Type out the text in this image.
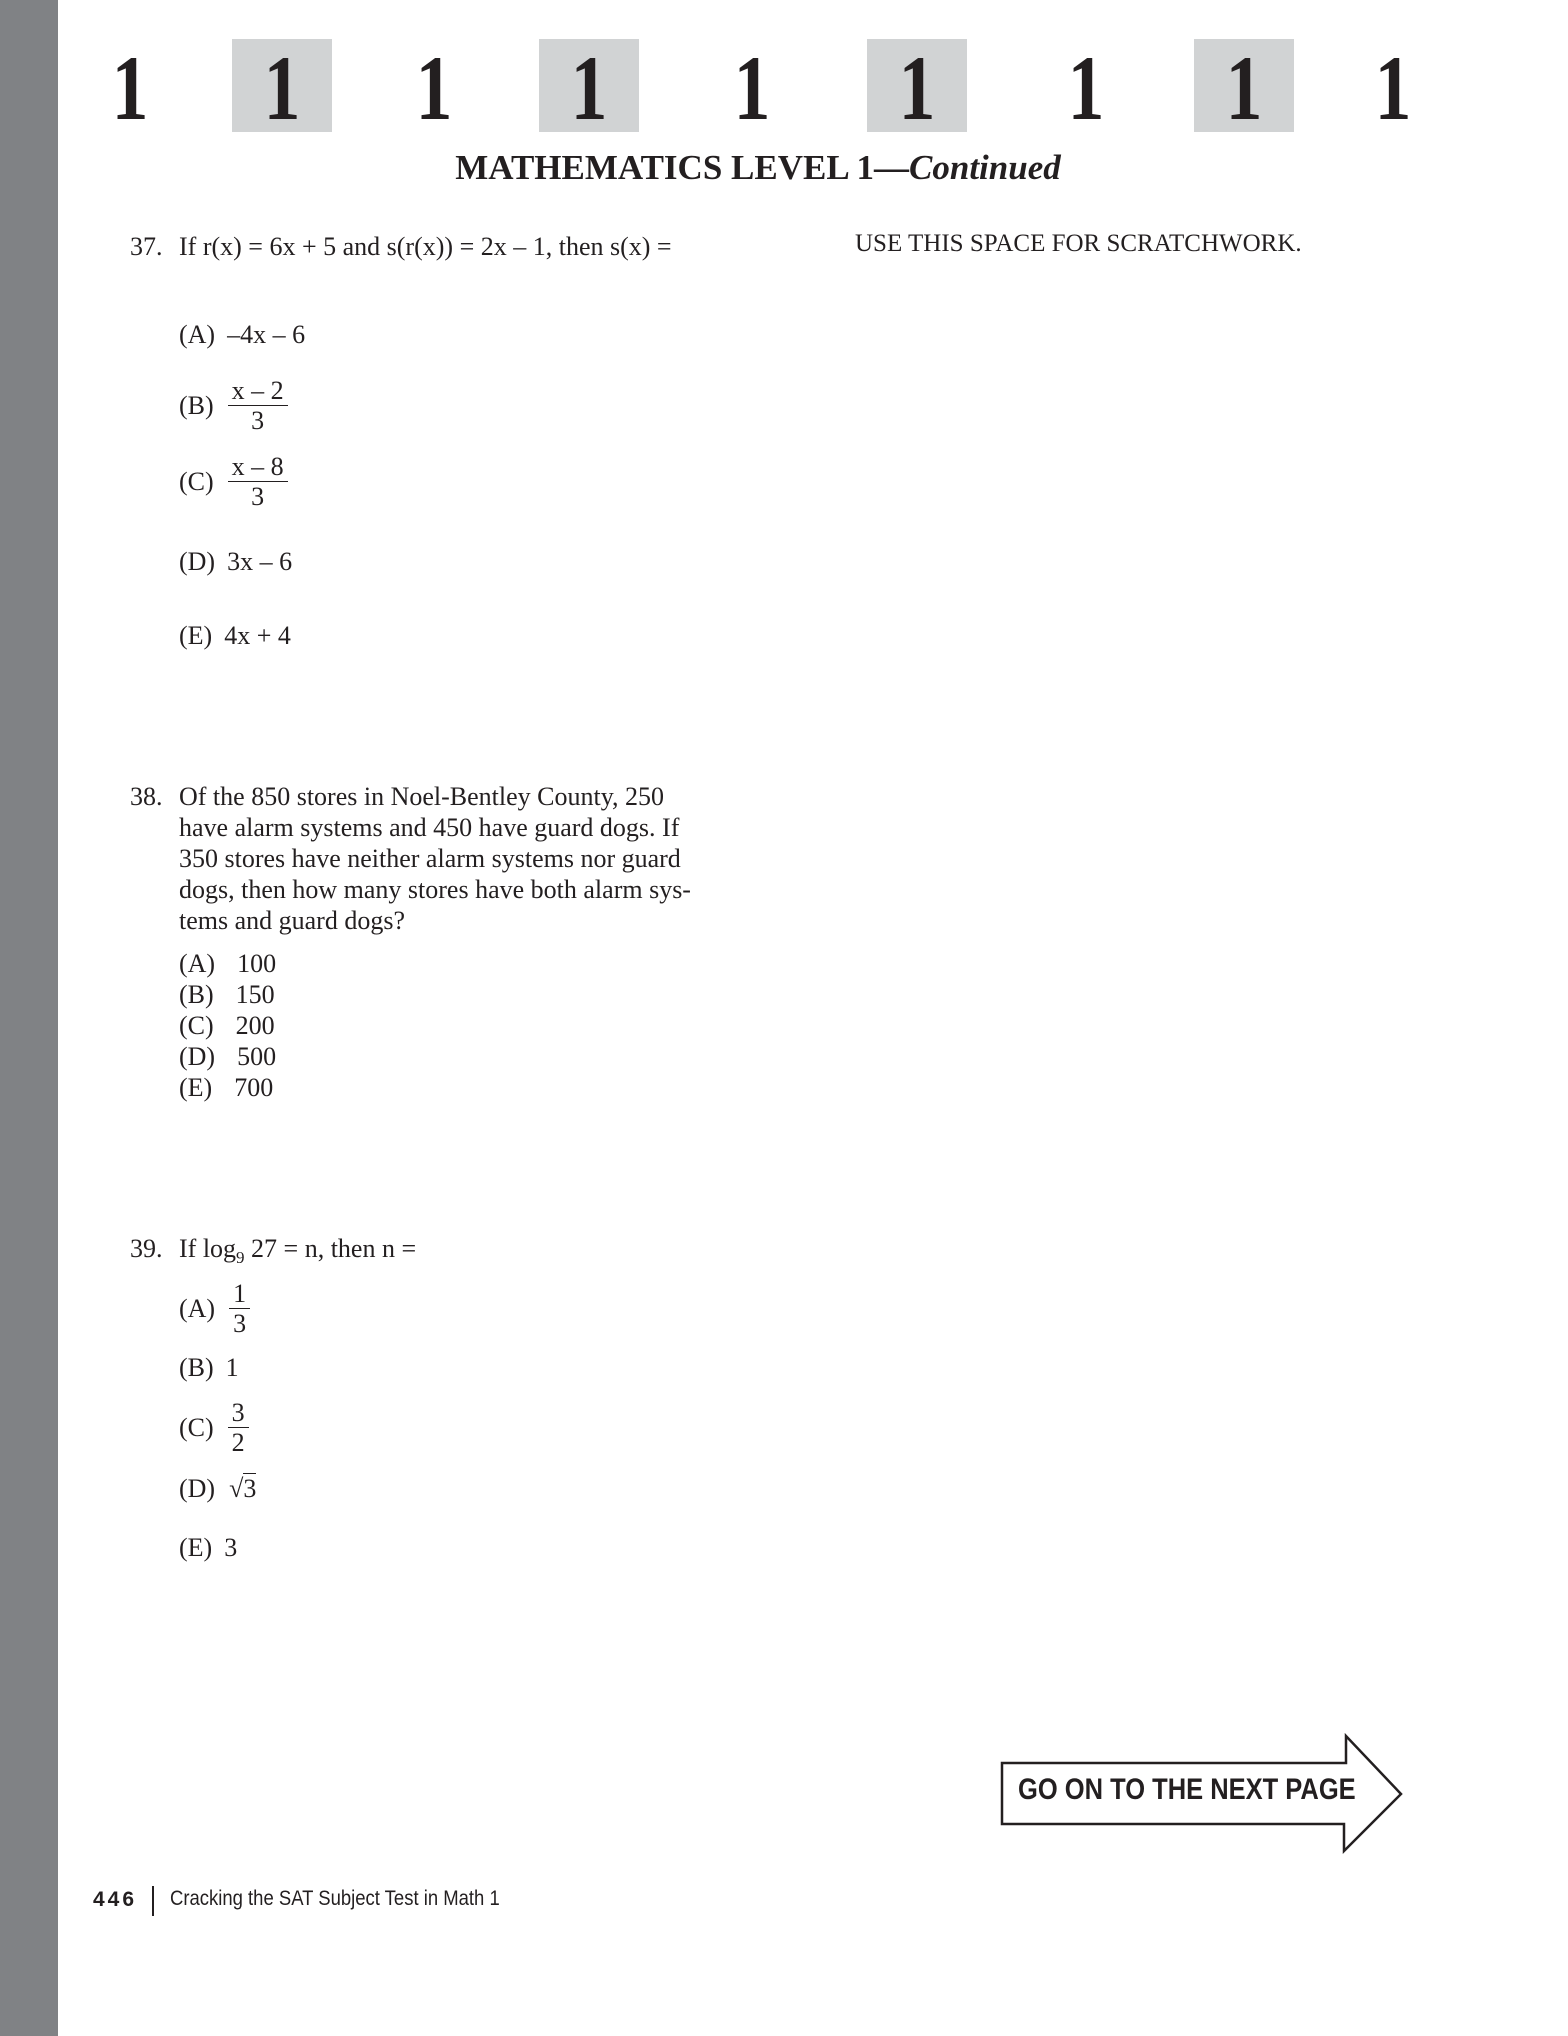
1 1 1 1 1 1 1 1 1
MATHEMATICS LEVEL 1—Continued
USE THIS SPACE FOR SCRATCHWORK.
37. If r(x) = 6x + 5 and s(r(x)) = 2x – 1, then s(x) =
(A) –4x – 6
$(B) \frac{x - 2}{3}$
$(C) \frac{x - 8}{3}$
(D) 3x – 6
(E) 4x + 4
38. Of the 850 stores in Noel-Bentley County, 250
have alarm systems and 450 have guard dogs. If
350 stores have neither alarm systems nor guard
dogs, then how many stores have both alarm sys-
tems and guard dogs?
(A) 100
(B) 150
(C) 200
(D) 500
(E) 700
39. If $\log_9 27 = n$, then n =
$(A) \frac{1}{3}$
(B) 1
$(C) \frac{3}{2}$
(D) √3
(E) 3
GO ON TO THE NEXT PAGE
446 Cracking the SAT Subject Test in Math 1
